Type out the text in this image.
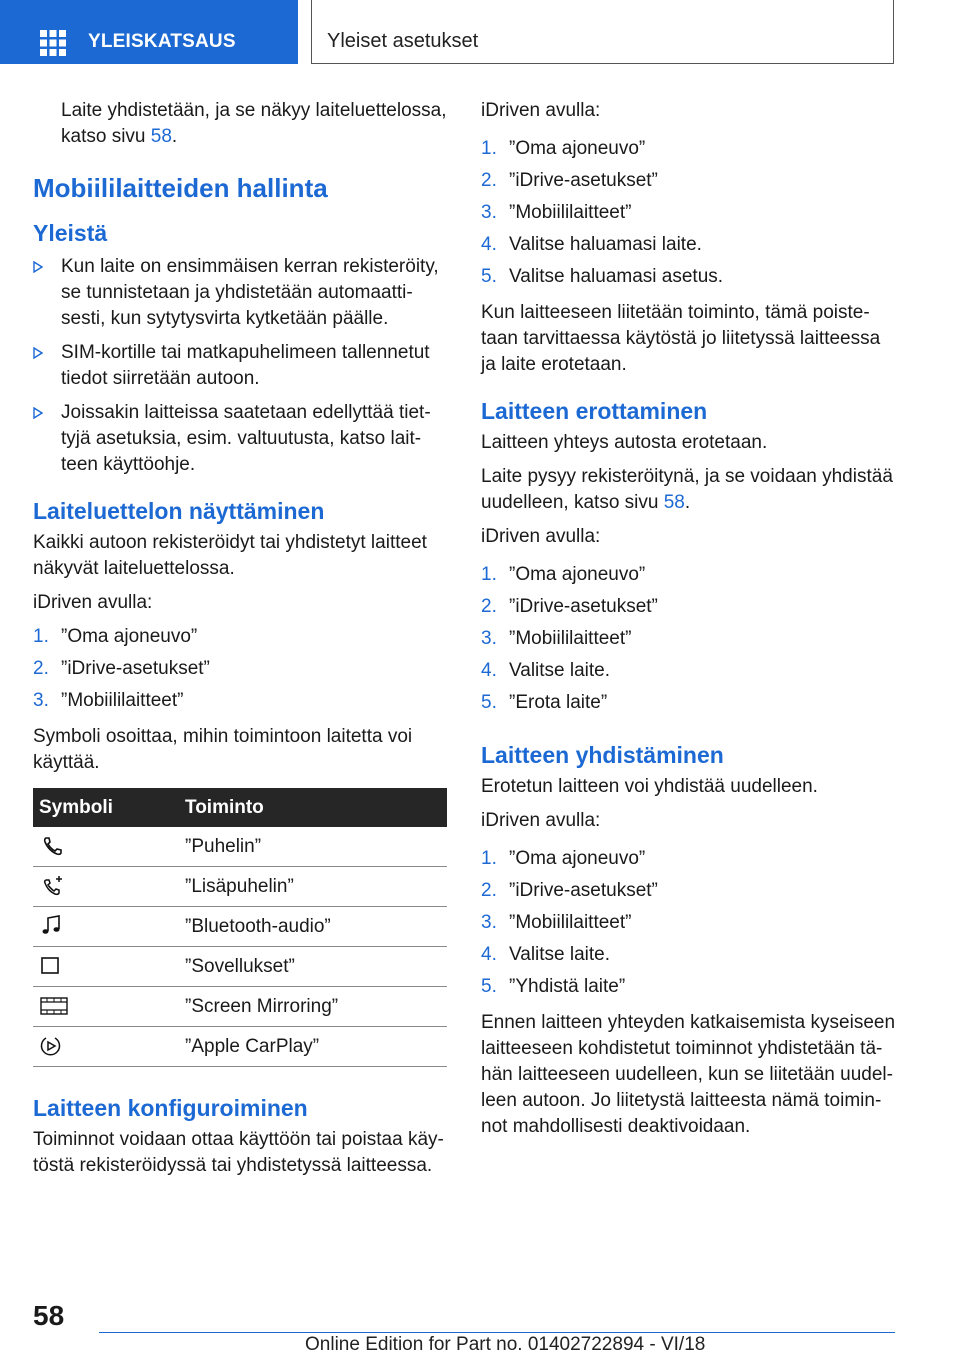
YLEISKATSAUS	Yleiset asetukset

Laite yhdistetään, ja se näkyy laiteluettelossa, katso sivu 58.

Mobiililaitteiden hallinta
Yleistä
Kun laite on ensimmäisen kerran rekisteröity, se tunnistetaan ja yhdistetään automaattisesti, kun sytytysvirta kytketään päälle.
SIM-kortille tai matkapuhelimeen tallennetut tiedot siirretään autoon.
Joissakin laitteissa saatetaan edellyttää tiettyjä asetuksia, esim. valtuutusta, katso laitteen käyttöohje.
Laiteluettelon näyttäminen

Kaikki autoon rekisteröidyt tai yhdistetyt laitteet näkyvät laiteluettelossa.

iDriven avulla:

1. ”Oma ajoneuvo”
2. ”iDrive-asetukset”
3. ”Mobiililaitteet”

Symboli osoittaa, mihin toimintoon laitetta voi käyttää.

Symboli	Toiminto
	”Puhelin”
	”Lisäpuhelin”
	”Bluetooth-audio”
	”Sovellukset”
	”Screen Mirroring”
	”Apple CarPlay”
Laitteen konfiguroiminen

Toiminnot voidaan ottaa käyttöön tai poistaa käytöstä rekisteröidyssä tai yhdistetyssä laitteessa.

iDriven avulla:

1. ”Oma ajoneuvo”
2. ”iDrive-asetukset”
3. ”Mobiililaitteet”
4. Valitse haluamasi laite.
5. Valitse haluamasi asetus.

Kun laitteeseen liitetään toiminto, tämä poistetaan tarvittaessa käytöstä jo liitetyssä laitteessa ja laite erotetaan.

Laitteen erottaminen

Laitteen yhteys autosta erotetaan.

Laite pysyy rekisteröitynä, ja se voidaan yhdistää uudelleen, katso sivu 58.

iDriven avulla:

1. ”Oma ajoneuvo”
2. ”iDrive-asetukset”
3. ”Mobiililaitteet”
4. Valitse laite.
5. ”Erota laite”
Laitteen yhdistäminen

Erotetun laitteen voi yhdistää uudelleen.

iDriven avulla:

1. ”Oma ajoneuvo”
2. ”iDrive-asetukset”
3. ”Mobiililaitteet”
4. Valitse laite.
5. ”Yhdistä laite”

Ennen laitteen yhteyden katkaisemista kyseiseen laitteeseen kohdistetut toiminnot yhdistetään tähän laitteeseen uudelleen, kun se liitetään uudelleen autoon. Jo liitetystä laitteesta nämä toiminnot mahdollisesti deaktivoidaan.

58
Online Edition for Part no. 01402722894 - VI/18
